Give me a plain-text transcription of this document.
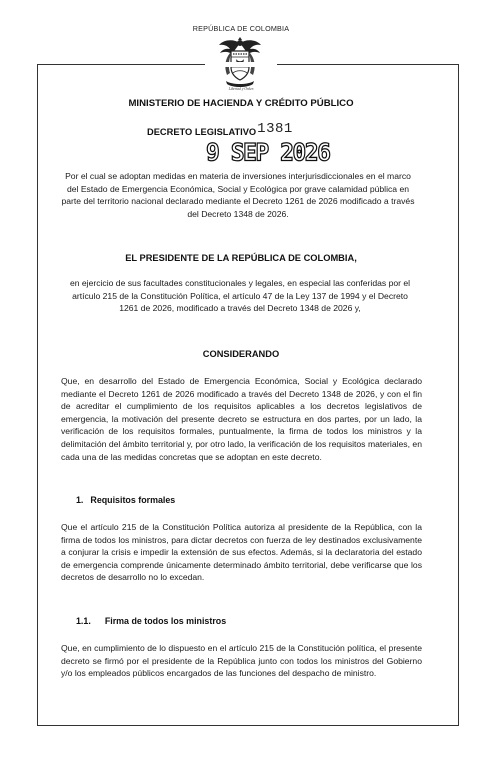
REPÚBLICA DE COLOMBIA
Libertad y Orden
MINISTERIO DE HACIENDA Y CRÉDITO PÚBLICO
DECRETO LEGISLATIVO1381
9 SEP 2026
Por el cual se adoptan medidas en materia de inversiones interjurisdiccionales en el marco del Estado de Emergencia Económica, Social y Ecológica por grave calamidad pública en parte del territorio nacional declarado mediante el Decreto 1261 de 2026 modificado a través del Decreto 1348 de 2026.
EL PRESIDENTE DE LA REPÚBLICA DE COLOMBIA,
en ejercicio de sus facultades constitucionales y legales, en especial las conferidas por el artículo 215 de la Constitución Política, el artículo 47 de la Ley 137 de 1994 y el Decreto 1261 de 2026, modificado a través del Decreto 1348 de 2026 y,
CONSIDERANDO
Que, en desarrollo del Estado de Emergencia Económica, Social y Ecológica declarado mediante el Decreto 1261 de 2026 modificado a través del Decreto 1348 de 2026, y con el fin de acreditar el cumplimiento de los requisitos aplicables a los decretos legislativos de emergencia, la motivación del presente decreto se estructura en dos partes, por un lado, la verificación de los requisitos formales, puntualmente, la firma de todos los ministros y la delimitación del ámbito territorial y, por otro lado, la verificación de los requisitos materiales, en cada una de las medidas concretas que se adoptan en este decreto.
1. Requisitos formales
Que el artículo 215 de la Constitución Política autoriza al presidente de la República, con la firma de todos los ministros, para dictar decretos con fuerza de ley destinados exclusivamente a conjurar la crisis e impedir la extensión de sus efectos. Además, si la declaratoria del estado de emergencia comprende únicamente determinado ámbito territorial, debe verificarse que los decretos de desarrollo no lo excedan.
1.1. Firma de todos los ministros
Que, en cumplimiento de lo dispuesto en el artículo 215 de la Constitución política, el presente decreto se firmó por el presidente de la República junto con todos los ministros del Gobierno y/o los empleados públicos encargados de las funciones del despacho de ministro.
